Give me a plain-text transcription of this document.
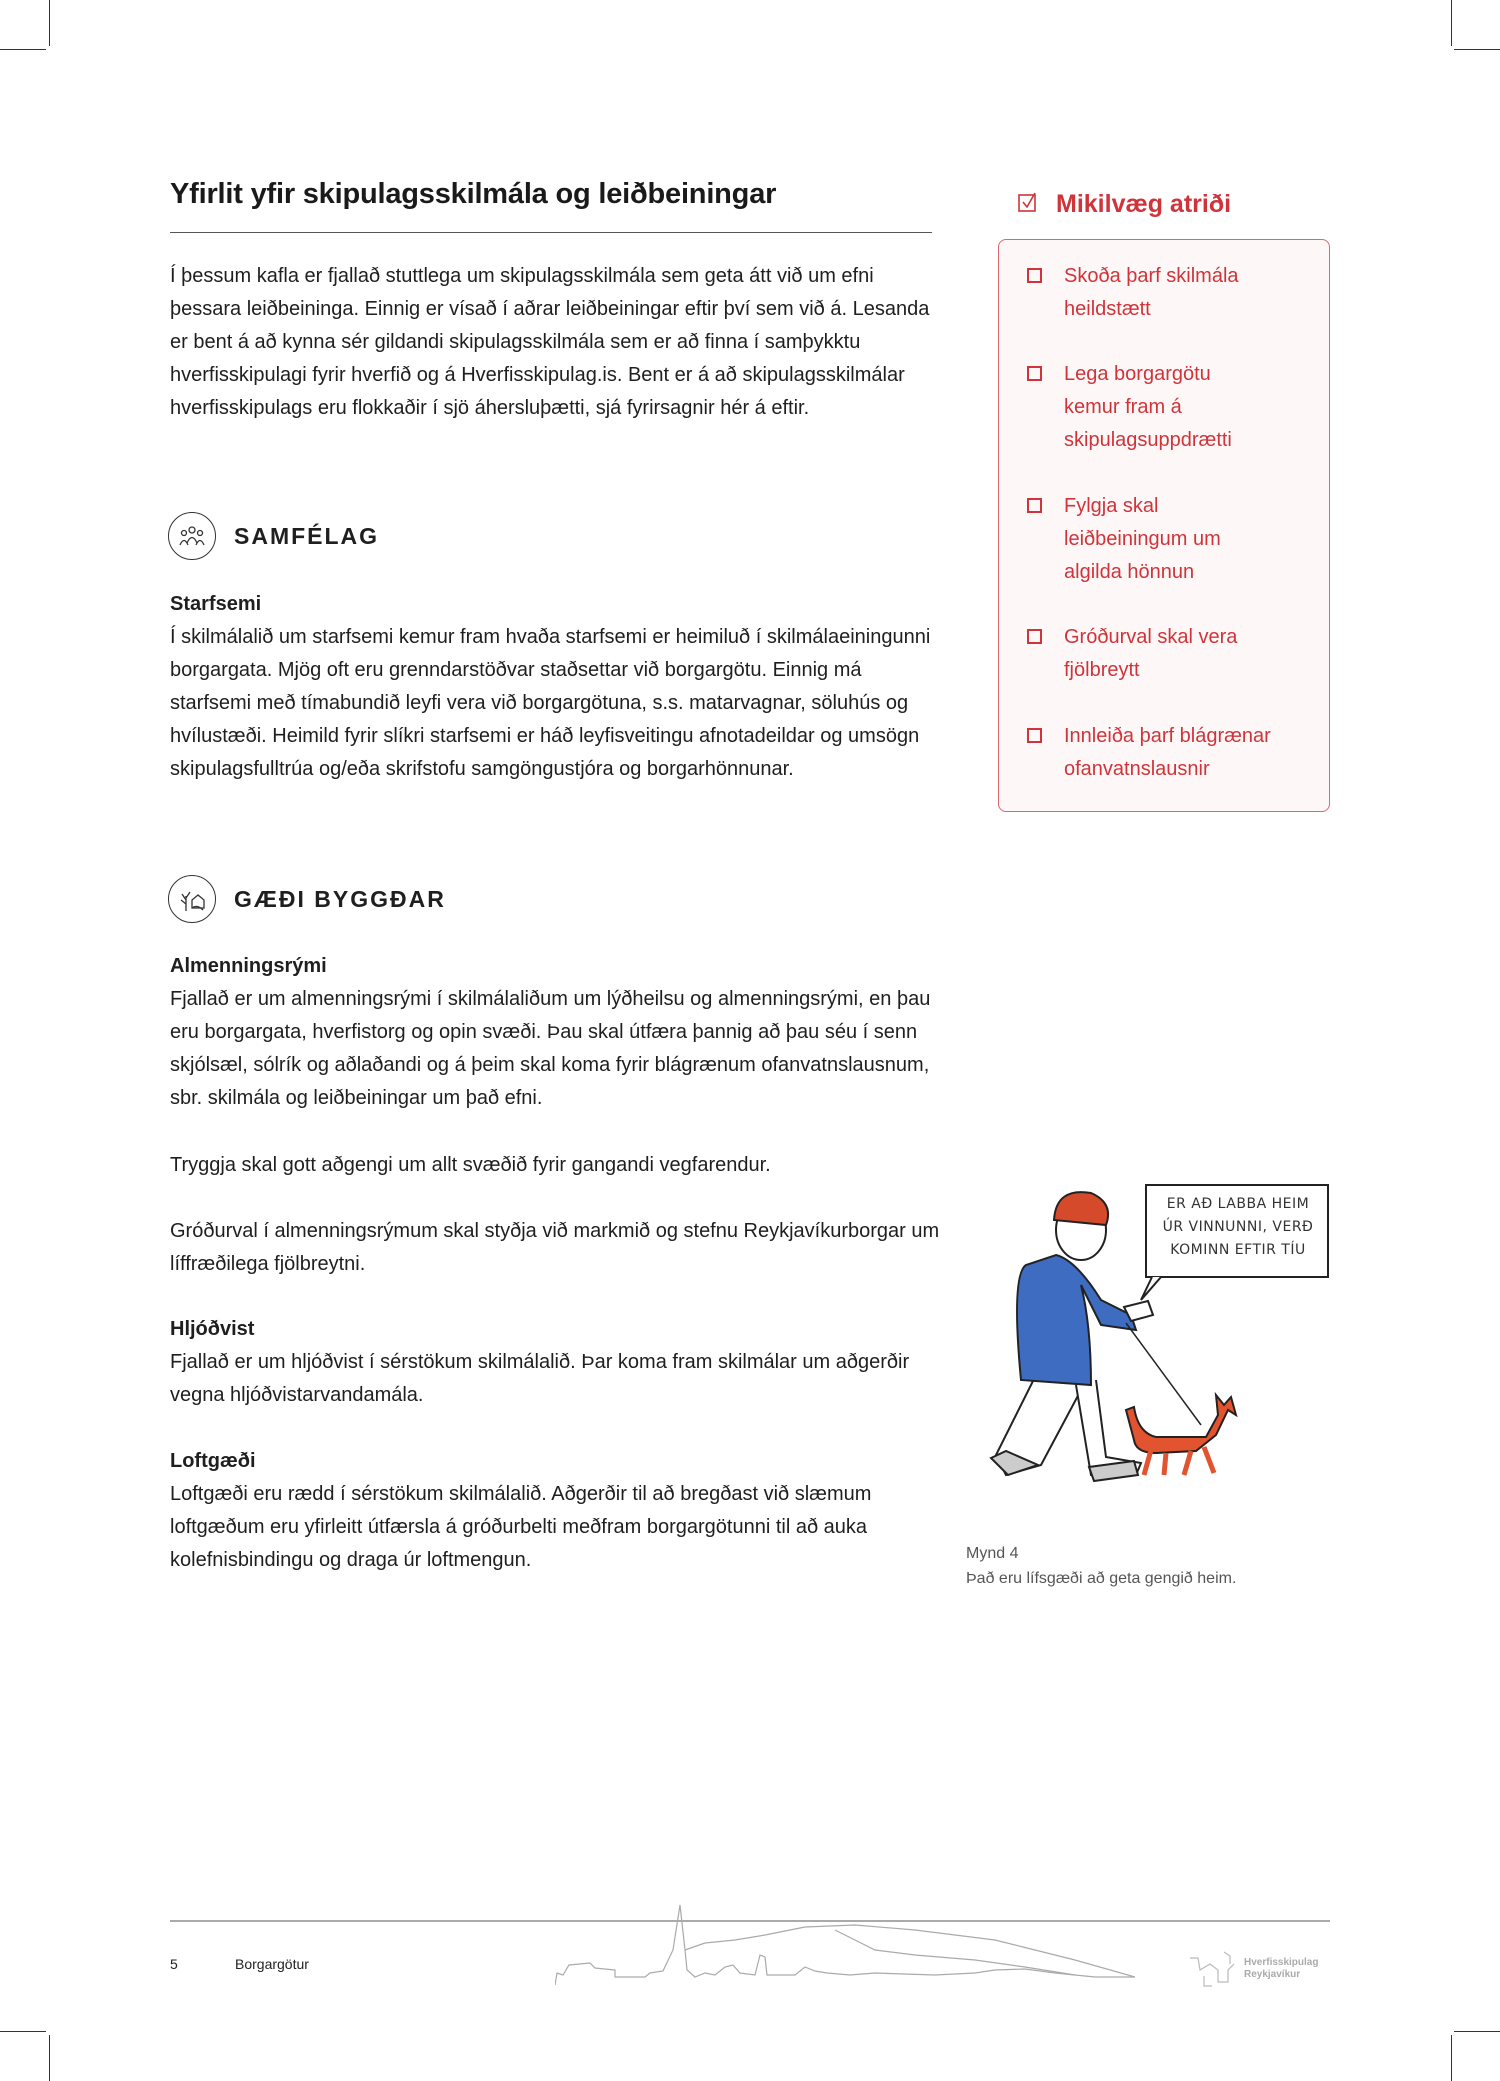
Yfirlit yfir skipulagsskilmála og leiðbeiningar

Í þessum kafla er fjallað stuttlega um skipulagsskilmála sem geta átt við um efni þessara leiðbeininga. Einnig er vísað í aðrar leiðbeiningar eftir því sem við á. Lesanda er bent á að kynna sér gildandi skipulagsskilmála sem er að finna í samþykktu hverfisskipulagi fyrir hverfið og á Hverfisskipulag.is. Bent er á að skipulagsskilmálar hverfisskipulags eru flokkaðir í sjö áhersluþætti, sjá fyrirsagnir hér á eftir.

SAMFÉLAG
Starfsemi
Í skilmálalið um starfsemi kemur fram hvaða starfsemi er heimiluð í skilmálaeiningunni borgargata. Mjög oft eru grenndarstöðvar staðsettar við borgargötu. Einnig má starfsemi með tímabundið leyfi vera við borgargötuna, s.s. matarvagnar, söluhús og hvílustæði. Heimild fyrir slíkri starfsemi er háð leyfisveitingu afnotadeildar og umsögn skipulagsfulltrúa og/eða skrifstofu samgöngustjóra og borgarhönnunar.
GÆÐI BYGGÐAR
Almenningsrými
Fjallað er um almenningsrými í skilmálaliðum um lýðheilsu og almenningsrými, en þau eru borgargata, hverfistorg og opin svæði. Þau skal útfæra þannig að þau séu í senn skjólsæl, sólrík og aðlaðandi og á þeim skal koma fyrir blágrænum ofanvatnslausnum, sbr. skilmála og leiðbeiningar um það efni.

Tryggja skal gott aðgengi um allt svæðið fyrir gangandi vegfarendur.

Gróðurval í almenningsrýmum skal styðja við markmið og stefnu Reykjavíkurborgar um líffræðilega fjölbreytni.

Hljóðvist
Fjallað er um hljóðvist í sérstökum skilmálalið. Þar koma fram skilmálar um aðgerðir vegna hljóðvistarvandamála.
Loftgæði
Loftgæði eru rædd í sérstökum skilmálalið. Aðgerðir til að bregðast við slæmum loftgæðum eru yfirleitt útfærsla á gróðurbelti meðfram borgargötunni til að auka kolefnisbindingu og draga úr loftmengun.
Mikilvæg atriði
Skoða þarf skilmála heildstætt
Lega borgargötu kemur fram á skipulagsuppdrætti
Fylgja skal leiðbeiningum um algilda hönnun
Gróðurval skal vera fjölbreytt
Innleiða þarf blágrænar ofanvatnslausnir
ER AÐ LABBA HEIM ÚR VINNUNNI, VERÐ KOMINN EFTIR TÍU
Mynd 4
Það eru lífsgæði að geta gengið heim.
5	Borgargötur	Hverfisskipulag
Reykjavíkur
